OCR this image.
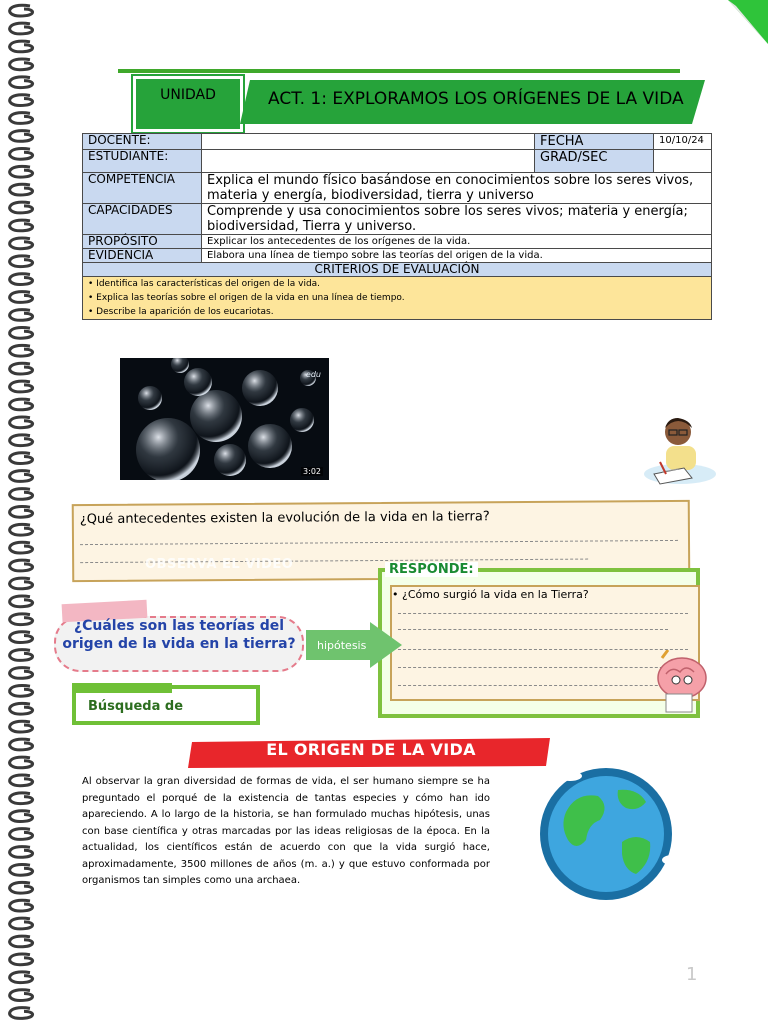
UNIDAD	ACT. 1: EXPLORAMOS LOS ORÍGENES DE LA VIDA
DOCENTE:		FECHA	10/10/24
ESTUDIANTE:		GRAD/SEC	
COMPETENCIA	Explica el mundo físico basándose en conocimientos sobre los seres vivos, materia y energía, biodiversidad, tierra y universo		
CAPACIDADES	Comprende y usa conocimientos sobre los seres vivos; materia y energía; biodiversidad, Tierra y universo.		
PROPÓSITO	Explicar los antecedentes de los orígenes de la vida.		
EVIDENCIA	Elabora una línea de tiempo sobre las teorías del origen de la vida.		
CRITERIOS DE EVALUACIÓN			

• Identifica las características del origen de la vida.
• Explica las teorías sobre el origen de la vida en una línea de tiempo.
• Describe la aparición de los eucariotas.			
edu
3:02
¿Qué antecedentes existen la evolución de la vida en la tierra?
OBSERVA EL VIDEO	RESPONDE:
• ¿Cómo surgió la vida en la Tierra?
¿Cuáles son las teorías del origen de la vida en la tierra?	hipótesis
Búsqueda de
EL ORIGEN DE LA VIDA
Al observar la gran diversidad de formas de vida, el ser humano siempre se ha preguntado el porqué de la existencia de tantas especies y cómo han ido apareciendo. A lo largo de la historia, se han formulado muchas hipótesis, unas con base científica y otras marcadas por las ideas religiosas de la época. En la actualidad, los científicos están de acuerdo con que la vida surgió hace, aproximadamente, 3500 millones de años (m. a.) y que estuvo conformada por organismos tan simples como una archaea.
1
